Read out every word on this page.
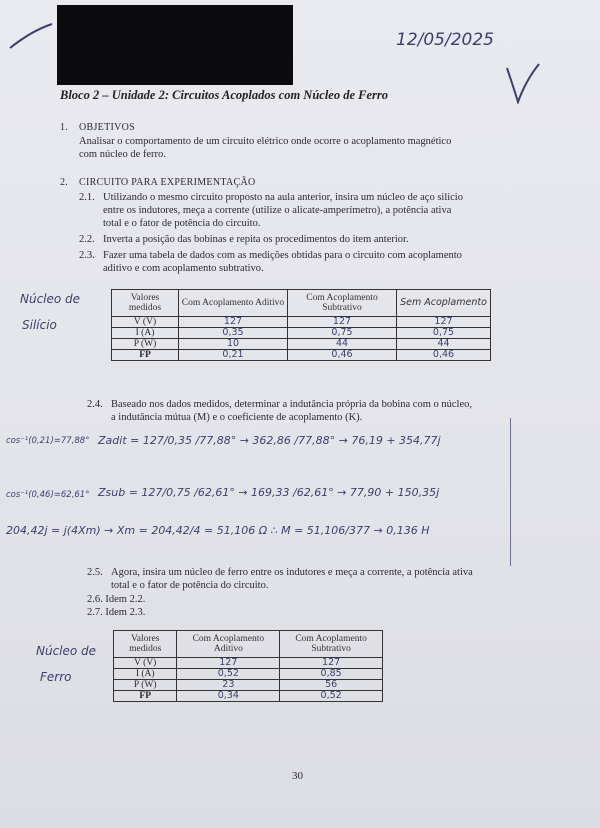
12/05/2025
Bloco 2 – Unidade 2: Circuitos Acoplados com Núcleo de Ferro
1. OBJETIVOS
Analisar o comportamento de um circuito elétrico onde ocorre o acoplamento magnético
com núcleo de ferro.
2. CIRCUITO PARA EXPERIMENTAÇÃO
2.1. Utilizando o mesmo circuito proposto na aula anterior, insira um núcleo de aço silício
entre os indutores, meça a corrente (utilize o alicate-amperímetro), a potência ativa
total e o fator de potência do circuito.
2.2. Inverta a posição das bobinas e repita os procedimentos do item anterior.
2.3. Fazer uma tabela de dados com as medições obtidas para o circuito com acoplamento
aditivo e com acoplamento subtrativo.
Núcleo de
Silício
Valores medidos	Com Acoplamento Aditivo	Com Acoplamento Subtrativo	Sem Acoplamento
V (V)	127	127	127
I (A)	0,35	0,75	0,75
P (W)	10	44	44
FP	0,21	0,46	0,46
2.4. Baseado nos dados medidos, determinar a indutância própria da bobina com o núcleo,
a indutância mútua (M) e o coeficiente de acoplamento (K).
cos⁻¹(0,21)=77,88° Zadit = 127/0,35 /77,88° → 362,86 /77,88° → 76,19 + 354,77j
cos⁻¹(0,46)=62,61° Zsub = 127/0,75 /62,61° → 169,33 /62,61° → 77,90 + 150,35j
204,42j = j(4Xm) → Xm = 204,42/4 = 51,106 Ω ∴ M = 51,106/377 → 0,136 H
2.5. Agora, insira um núcleo de ferro entre os indutores e meça a corrente, a potência ativa
total e o fator de potência do circuito.
2.6. Idem 2.2.
2.7. Idem 2.3.
Núcleo de
Ferro
Valores medidos	Com Acoplamento Aditivo	Com Acoplamento Subtrativo
V (V)	127	127
I (A)	0,52	0,85
P (W)	23	56
FP	0,34	0,52
30
